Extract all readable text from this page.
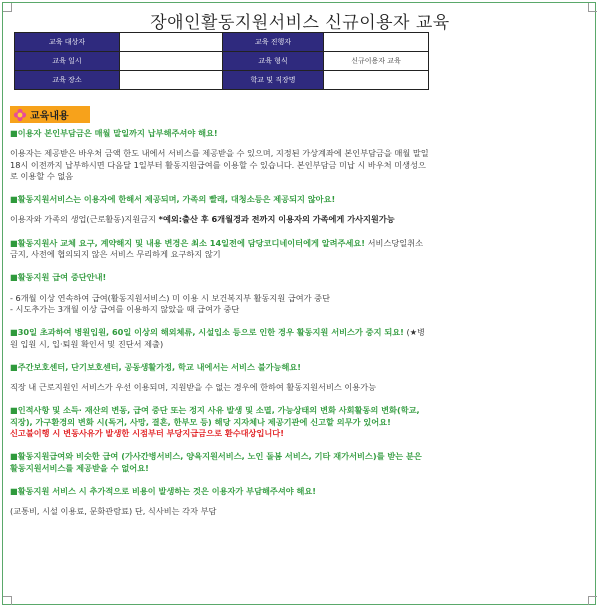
장애인활동지원서비스 신규이용자 교육
교육 대상자		교육 진행자	
교육 일시		교육 형식	신규이용자 교육
교육 장소		학교 및 직장명	
교육내용

■이용자 본인부담금은 매월 말일까지 납부해주셔야 해요!

이용자는 제공받은 바우처 금액 한도 내에서 서비스를 제공받을 수 있으며, 지정된 가상계좌에 본인부담금을 매월 말일 18시 이전까지 납부하시면 다음달 1일부터 활동지원급여를 이용할 수 있습니다. 본인부담금 미납 시 바우처 미생성으로 이용할 수 없음

■활동지원서비스는 이용자에 한해서 제공되며, 가족의 빨래, 대청소등은 제공되지 않아요!

이용자와 가족의 생업(근로활동)지원금지 *예외:출산 후 6개월경과 전까지 이용자의 가족에게 가사지원가능

■활동지원사 교체 요구, 계약해지 및 내용 변경은 최소 14일전에 담당코디네이터에게 알려주세요! 서비스당일취소금지, 사전에 협의되지 않은 서비스 무리하게 요구하지 않기

■활동지원 급여 중단안내!

- 6개월 이상 연속하여 급여(활동지원서비스) 미 이용 시 보건복지부 활동지원 급여가 중단

- 시도추가는 3개월 이상 급여를 이용하지 않았을 때 급여가 중단

■30일 초과하여 병원입원, 60일 이상의 해외체류, 시설입소 등으로 인한 경우 활동지원 서비스가 중지 되요! (★병원 입원 시, 입·퇴원 확인서 및 진단서 제출)

■주간보호센터, 단기보호센터, 공동생활가정, 학교 내에서는 서비스 불가능해요!

직장 내 근로지원인 서비스가 우선 이용되며, 지원받을 수 없는 경우에 한하여 활동지원서비스 이용가능

■인적사항 및 소득· 재산의 변동, 급여 중단 또는 정지 사유 발생 및 소멸, 가능상태의 변화 사회활동의 변화(학교, 직장), 가구환경의 변화 시(독거, 사망, 결혼, 한부모 등) 해당 지자체나 제공기관에 신고할 의무가 있어요!

신고불이행 시 변동사유가 발생한 시점부터 부당지급금으로 환수대상입니다!

■활동지원급여와 비슷한 급여 (가사간병서비스, 양육지원서비스, 노인 돌봄 서비스, 기타 재가서비스)를 받는 분은 활동지원서비스를 제공받을 수 없어요!

■활동지원 서비스 시 추가적으로 비용이 발생하는 것은 이용자가 부담해주셔야 해요!

(교통비, 시설 이용료, 문화관람료) 단, 식사비는 각자 부담
